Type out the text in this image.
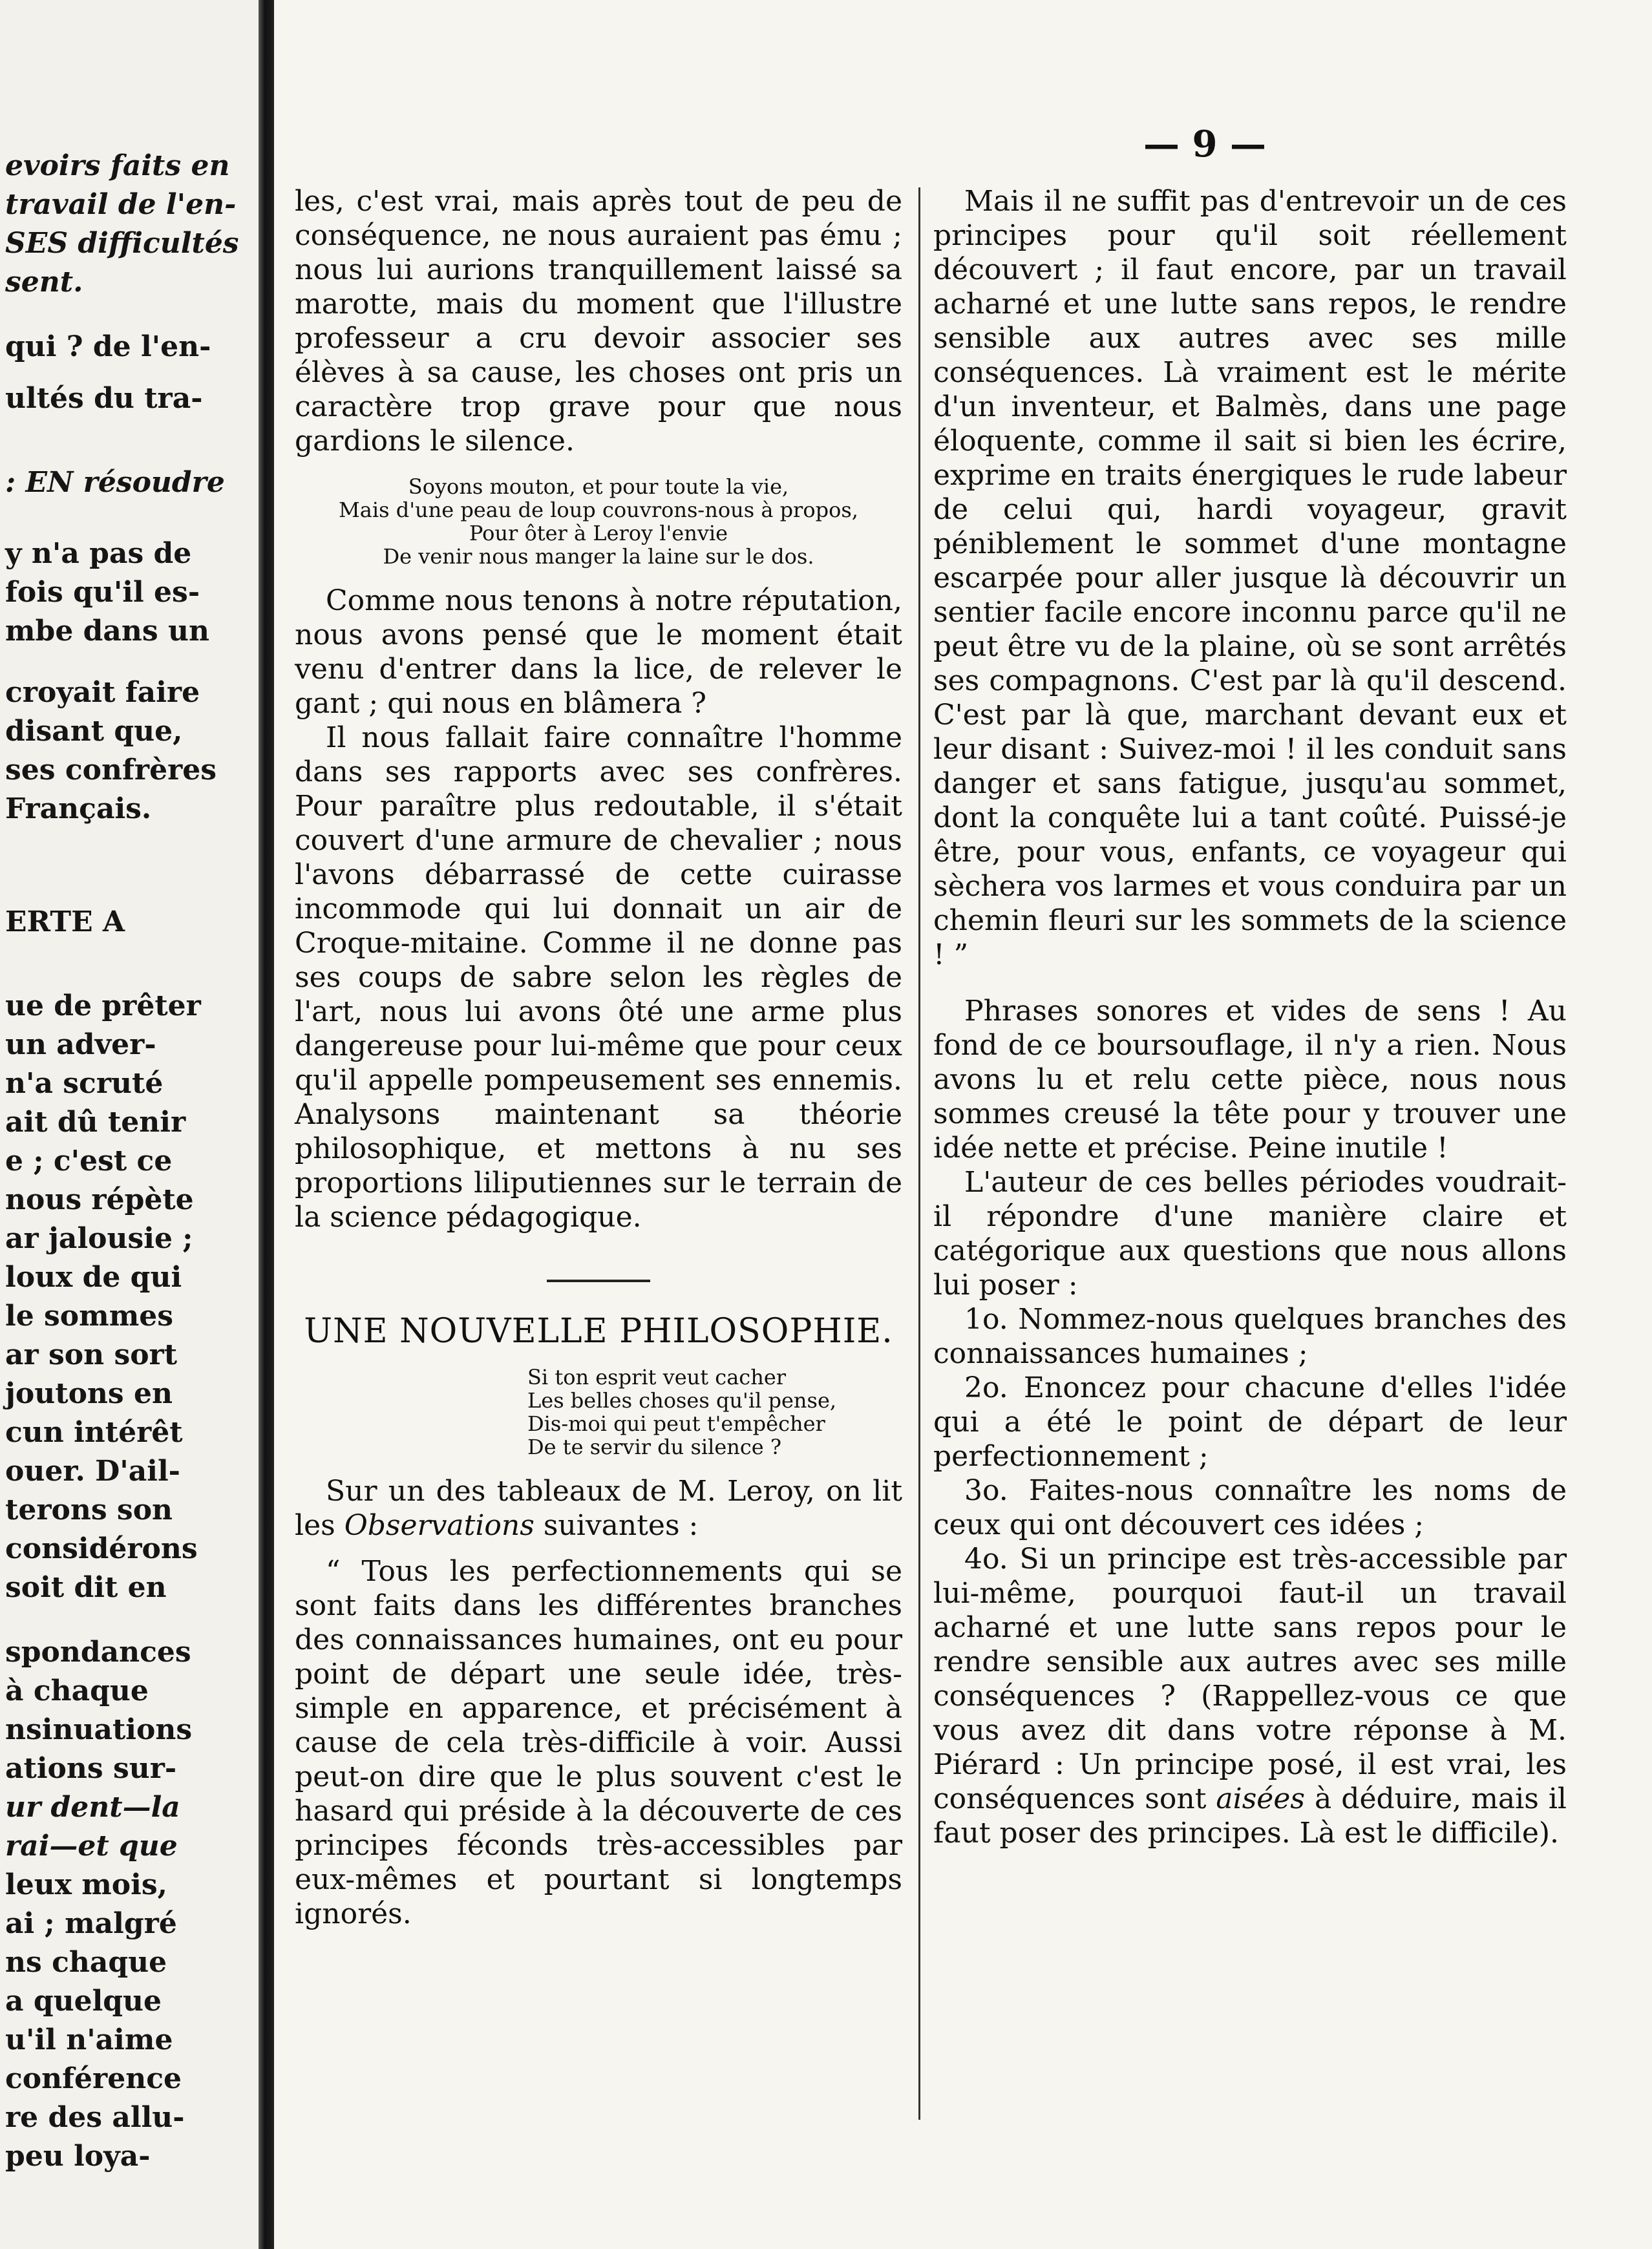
evoirs faits en
travail de l'en-
SES difficultés
sent.
qui ? de l'en-
ultés du tra-
: EN résoudre
y n'a pas de
fois qu'il es-
mbe dans un
croyait faire
disant que,
ses confrères
Français.
ERTE A
ue de prêter
un adver-
n'a scruté
ait dû tenir
e ; c'est ce
nous répète
ar jalousie ;
loux de qui
le sommes
ar son sort
joutons en
cun intérêt
ouer. D'ail-
terons son
considérons
soit dit en
spondances
à chaque
nsinuations
ations sur-
ur dent—la
rai—et que
leux mois,
ai ; malgré
ns chaque
a quelque
u'il n'aime
conférence
re des allu-
peu loya-
— 9 —

les, c'est vrai, mais après tout de peu de conséquence, ne nous auraient pas ému ; nous lui aurions tranquillement laissé sa marotte, mais du moment que l'illustre professeur a cru devoir associer ses élèves à sa cause, les choses ont pris un caractère trop grave pour que nous gardions le silence.

Soyons mouton, et pour toute la vie,
Mais d'une peau de loup couvrons-nous à propos,
Pour ôter à Leroy l'envie
De venir nous manger la laine sur le dos.

Comme nous tenons à notre réputation, nous avons pensé que le moment était venu d'entrer dans la lice, de relever le gant ; qui nous en blâmera ?

Il nous fallait faire connaître l'homme dans ses rapports avec ses confrères. Pour paraître plus redoutable, il s'était couvert d'une armure de chevalier ; nous l'avons débarrassé de cette cuirasse incommode qui lui donnait un air de Croque-mitaine. Comme il ne donne pas ses coups de sabre selon les règles de l'art, nous lui avons ôté une arme plus dangereuse pour lui-même que pour ceux qu'il appelle pompeusement ses ennemis. Analysons maintenant sa théorie philosophique, et mettons à nu ses proportions liliputiennes sur le terrain de la science pédagogique.

UNE NOUVELLE PHILOSOPHIE.
Si ton esprit veut cacher
Les belles choses qu'il pense,
Dis-moi qui peut t'empêcher
De te servir du silence ?

Sur un des tableaux de M. Leroy, on lit les Observations suivantes :

“ Tous les perfectionnements qui se sont faits dans les différentes branches des connaissances humaines, ont eu pour point de départ une seule idée, très-simple en apparence, et précisément à cause de cela très-difficile à voir. Aussi peut-on dire que le plus souvent c'est le hasard qui préside à la découverte de ces principes féconds très-accessibles par eux-mêmes et pourtant si longtemps ignorés.

Mais il ne suffit pas d'entrevoir un de ces principes pour qu'il soit réellement découvert ; il faut encore, par un travail acharné et une lutte sans repos, le rendre sensible aux autres avec ses mille conséquences. Là vraiment est le mérite d'un inventeur, et Balmès, dans une page éloquente, comme il sait si bien les écrire, exprime en traits énergiques le rude labeur de celui qui, hardi voyageur, gravit péniblement le sommet d'une montagne escarpée pour aller jusque là découvrir un sentier facile encore inconnu parce qu'il ne peut être vu de la plaine, où se sont arrêtés ses compagnons. C'est par là qu'il descend. C'est par là que, marchant devant eux et leur disant : Suivez-moi ! il les conduit sans danger et sans fatigue, jusqu'au sommet, dont la conquête lui a tant coûté. Puissé-je être, pour vous, enfants, ce voyageur qui sèchera vos larmes et vous conduira par un chemin fleuri sur les sommets de la science ! ”

Phrases sonores et vides de sens ! Au fond de ce boursouflage, il n'y a rien. Nous avons lu et relu cette pièce, nous nous sommes creusé la tête pour y trouver une idée nette et précise. Peine inutile !

L'auteur de ces belles périodes voudrait-il répondre d'une manière claire et catégorique aux questions que nous allons lui poser :

1o. Nommez-nous quelques branches des connaissances humaines ;

2o. Enoncez pour chacune d'elles l'idée qui a été le point de départ de leur perfectionnement ;

3o. Faites-nous connaître les noms de ceux qui ont découvert ces idées ;

4o. Si un principe est très-accessible par lui-même, pourquoi faut-il un travail acharné et une lutte sans repos pour le rendre sensible aux autres avec ses mille conséquences ? (Rappellez-vous ce que vous avez dit dans votre réponse à M. Piérard : Un principe posé, il est vrai, les conséquences sont aisées à déduire, mais il faut poser des principes. Là est le difficile).
